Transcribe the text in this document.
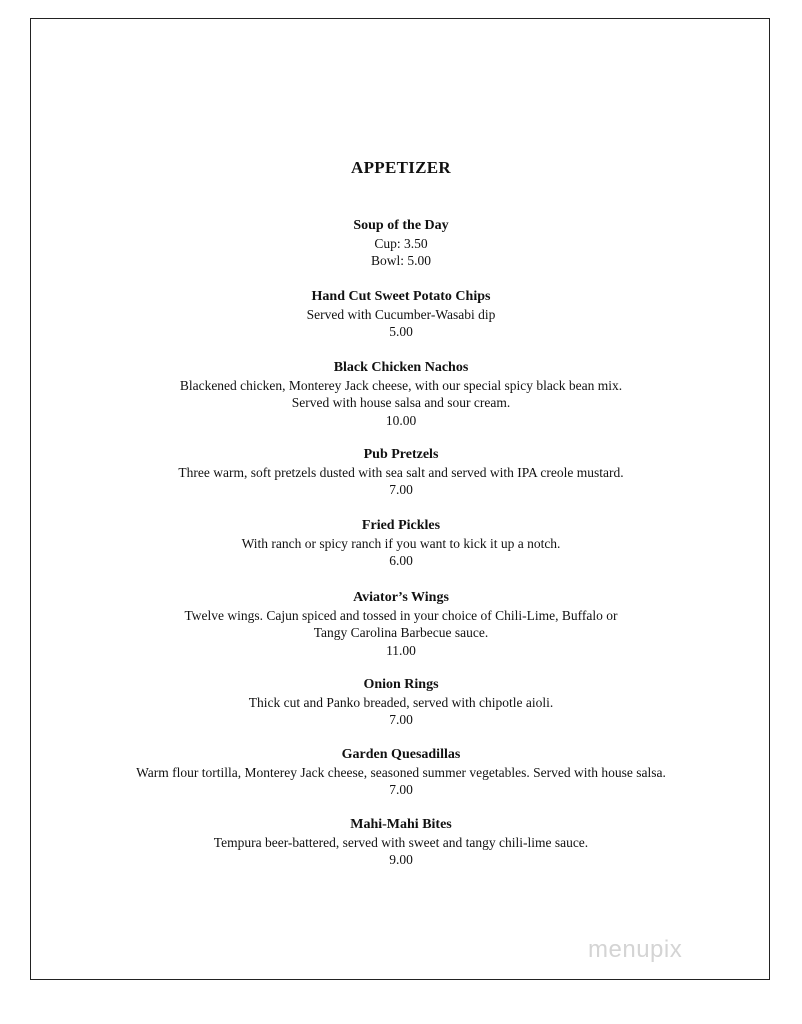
APPETIZER
Soup of the Day
Cup: 3.50
Bowl: 5.00
Hand Cut Sweet Potato Chips
Served with Cucumber-Wasabi dip
5.00
Black Chicken Nachos
Blackened chicken, Monterey Jack cheese, with our special spicy black bean mix.
Served with house salsa and sour cream.
10.00
Pub Pretzels
Three warm, soft pretzels dusted with sea salt and served with IPA creole mustard.
7.00
Fried Pickles
With ranch or spicy ranch if you want to kick it up a notch.
6.00
Aviator’s Wings
Twelve wings. Cajun spiced and tossed in your choice of Chili-Lime, Buffalo or
Tangy Carolina Barbecue sauce.
11.00
Onion Rings
Thick cut and Panko breaded, served with chipotle aioli.
7.00
Garden Quesadillas
Warm flour tortilla, Monterey Jack cheese, seasoned summer vegetables. Served with house salsa.
7.00
Mahi-Mahi Bites
Tempura beer-battered, served with sweet and tangy chili-lime sauce.
9.00
menupix
